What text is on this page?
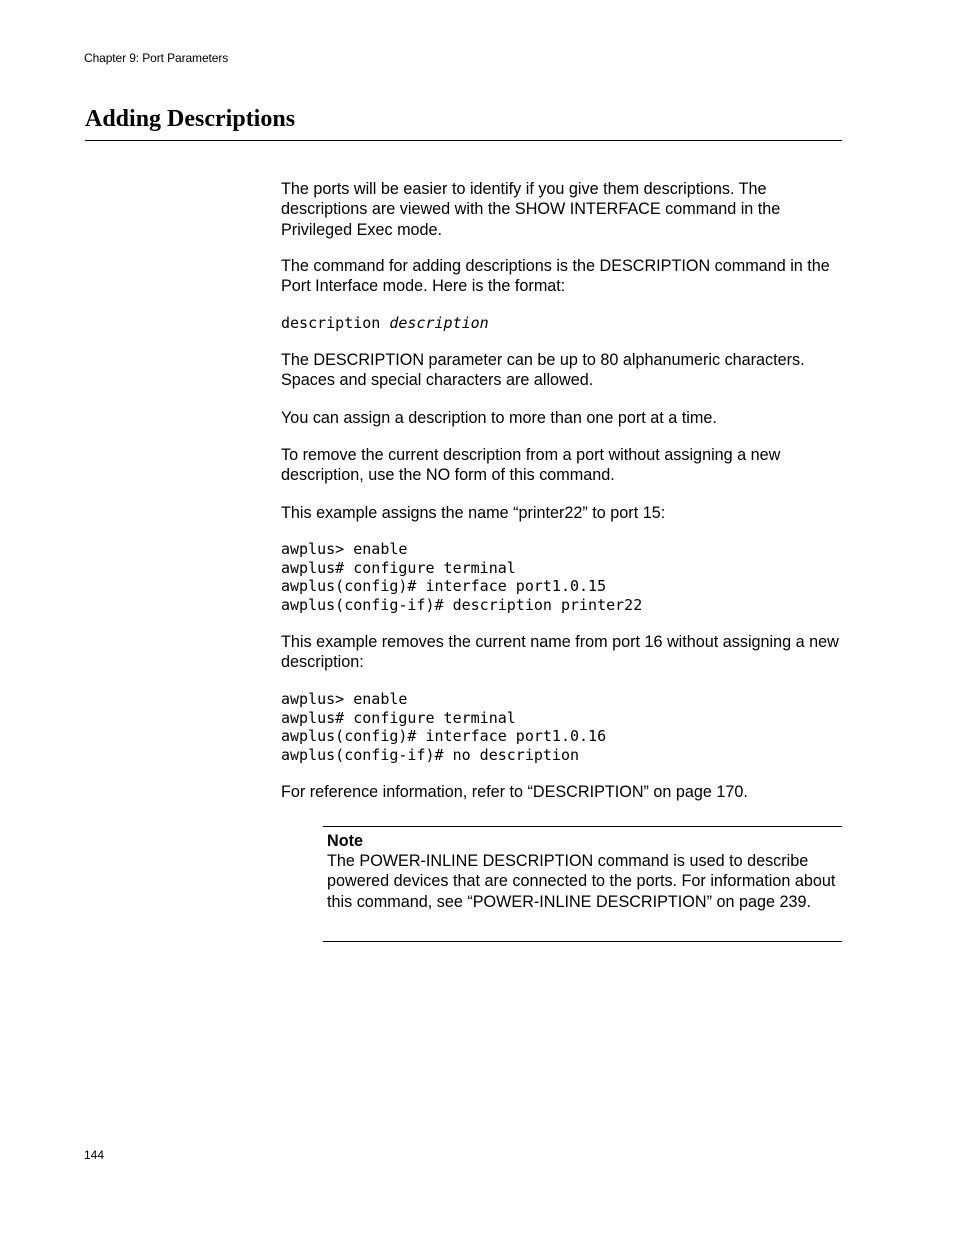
Chapter 9: Port Parameters
Adding Descriptions

The ports will be easier to identify if you give them descriptions. The descriptions are viewed with the SHOW INTERFACE command in the Privileged Exec mode.

The command for adding descriptions is the DESCRIPTION command in the Port Interface mode. Here is the format:

description description

The DESCRIPTION parameter can be up to 80 alphanumeric characters. Spaces and special characters are allowed.

You can assign a description to more than one port at a time.

To remove the current description from a port without assigning a new description, use the NO form of this command.

This example assigns the name “printer22” to port 15:

awplus> enable
awplus# configure terminal
awplus(config)# interface port1.0.15
awplus(config-if)# description printer22

This example removes the current name from port 16 without assigning a new description:

awplus> enable
awplus# configure terminal
awplus(config)# interface port1.0.16
awplus(config-if)# no description

For reference information, refer to “DESCRIPTION” on page 170.

Note

The POWER-INLINE DESCRIPTION command is used to describe powered devices that are connected to the ports. For information about this command, see “POWER-INLINE DESCRIPTION” on page 239.

144
